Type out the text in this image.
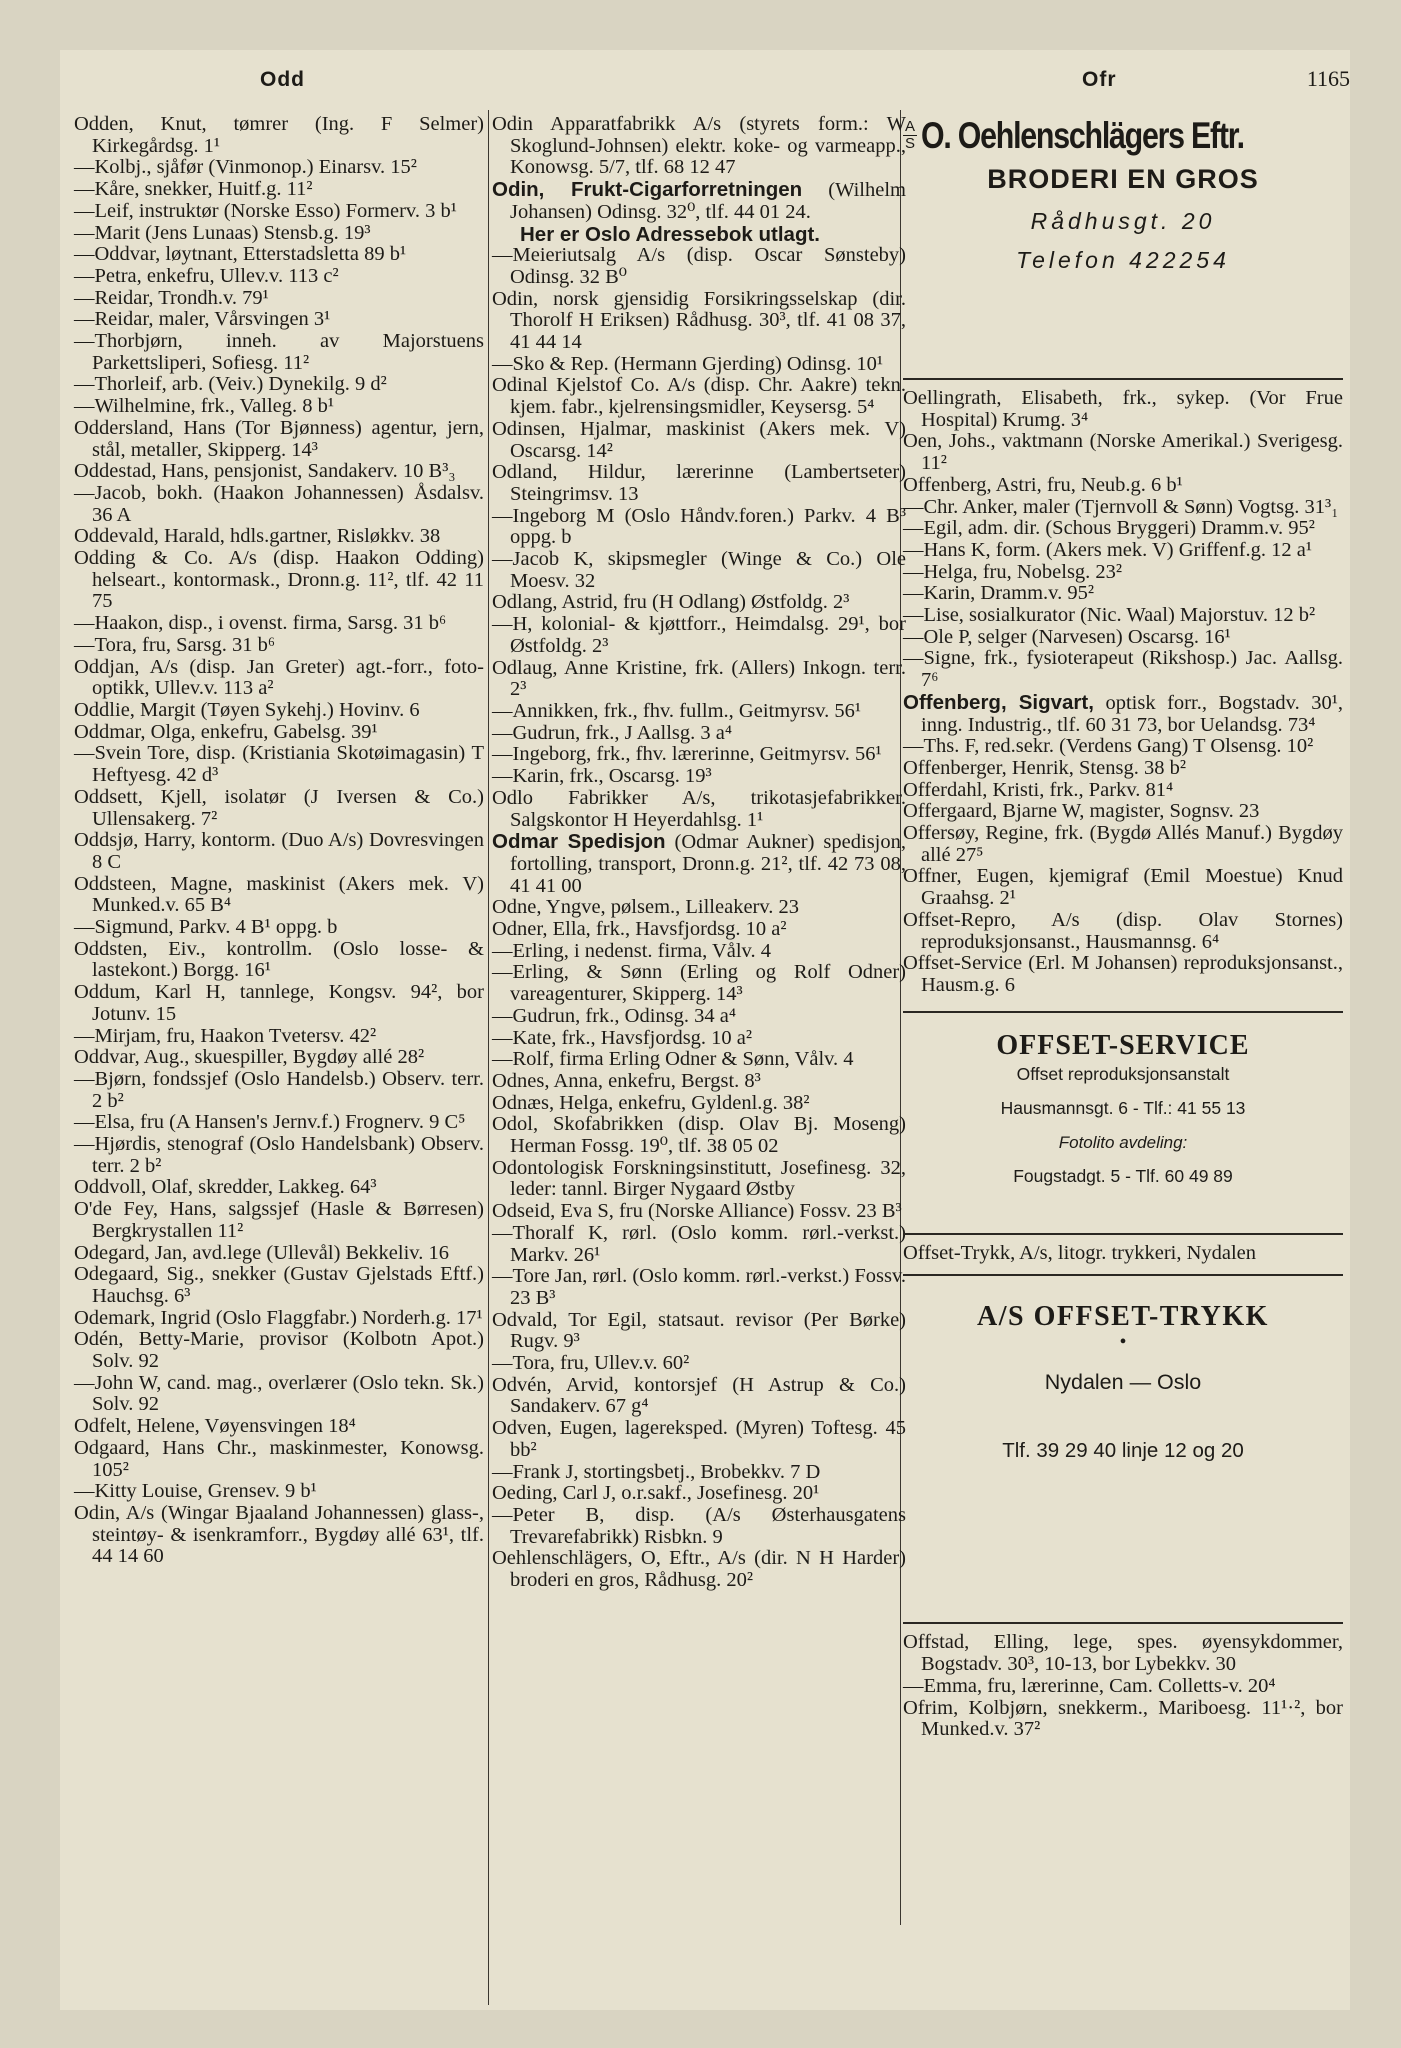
Odd	Ofr	1165
Odden, Knut, tømrer (Ing. F Selmer) Kirkegårdsg. 1¹
—Kolbj., sjåfør (Vinmonop.) Einarsv. 15²
—Kåre, snekker, Huitf.g. 11²
—Leif, instruktør (Norske Esso) Formerv. 3 b¹
—Marit (Jens Lunaas) Stensb.g. 19³
—Oddvar, løytnant, Etterstadsletta 89 b¹
—Petra, enkefru, Ullev.v. 113 c²
—Reidar, Trondh.v. 79¹
—Reidar, maler, Vårsvingen 3¹
—Thorbjørn, inneh. av Majorstuens Parkettsliperi, Sofiesg. 11²
—Thorleif, arb. (Veiv.) Dynekilg. 9 d²
—Wilhelmine, frk., Valleg. 8 b¹
Oddersland, Hans (Tor Bjønness) agentur, jern, stål, metaller, Skipperg. 14³
Oddestad, Hans, pensjonist, Sandakerv. 10 B³₃
—Jacob, bokh. (Haakon Johannessen) Åsdalsv. 36 A
Oddevald, Harald, hdls.gartner, Risløkkv. 38
Odding & Co. A/s (disp. Haakon Odding) helseart., kontormask., Dronn.g. 11², tlf. 42 11 75
—Haakon, disp., i ovenst. firma, Sarsg. 31 b⁶
—Tora, fru, Sarsg. 31 b⁶
Oddjan, A/s (disp. Jan Greter) agt.-forr., foto-optikk, Ullev.v. 113 a²
Oddlie, Margit (Tøyen Sykehj.) Hovinv. 6
Oddmar, Olga, enkefru, Gabelsg. 39¹
—Svein Tore, disp. (Kristiania Skotøimagasin) T Heftyesg. 42 d³
Oddsett, Kjell, isolatør (J Iversen & Co.) Ullensakerg. 7²
Oddsjø, Harry, kontorm. (Duo A/s) Dovresvingen 8 C
Oddsteen, Magne, maskinist (Akers mek. V) Munked.v. 65 B⁴
—Sigmund, Parkv. 4 B¹ oppg. b
Oddsten, Eiv., kontrollm. (Oslo losse- & lastekont.) Borgg. 16¹
Oddum, Karl H, tannlege, Kongsv. 94², bor Jotunv. 15
—Mirjam, fru, Haakon Tvetersv. 42²
Oddvar, Aug., skuespiller, Bygdøy allé 28²
—Bjørn, fondssjef (Oslo Handelsb.) Observ. terr. 2 b²
—Elsa, fru (A Hansen's Jernv.f.) Frognerv. 9 C⁵
—Hjørdis, stenograf (Oslo Handelsbank) Observ. terr. 2 b²
Oddvoll, Olaf, skredder, Lakkeg. 64³
O'de Fey, Hans, salgssjef (Hasle & Børresen) Bergkrystallen 11²
Odegard, Jan, avd.lege (Ullevål) Bekkeliv. 16
Odegaard, Sig., snekker (Gustav Gjelstads Eftf.) Hauchsg. 6³
Odemark, Ingrid (Oslo Flaggfabr.) Norderh.g. 17¹
Odén, Betty-Marie, provisor (Kolbotn Apot.) Solv. 92
—John W, cand. mag., overlærer (Oslo tekn. Sk.) Solv. 92
Odfelt, Helene, Vøyensvingen 18⁴
Odgaard, Hans Chr., maskinmester, Konowsg. 105²
—Kitty Louise, Grensev. 9 b¹
Odin, A/s (Wingar Bjaaland Johannessen) glass-, steintøy- & isenkramforr., Bygdøy allé 63¹, tlf. 44 14 60
Odin Apparatfabrikk A/s (styrets form.: W Skoglund-Johnsen) elektr. koke- og varmeapp., Konowsg. 5/7, tlf. 68 12 47
Odin, Frukt-Cigarforretningen (Wilhelm Johansen) Odinsg. 32⁰, tlf. 44 01 24.
Her er Oslo Adressebok utlagt.
—Meieriutsalg A/s (disp. Oscar Sønsteby) Odinsg. 32 B⁰
Odin, norsk gjensidig Forsikringsselskap (dir. Thorolf H Eriksen) Rådhusg. 30³, tlf. 41 08 37, 41 44 14
—Sko & Rep. (Hermann Gjerding) Odinsg. 10¹
Odinal Kjelstof Co. A/s (disp. Chr. Aakre) tekn. kjem. fabr., kjelrensingsmidler, Keysersg. 5⁴
Odinsen, Hjalmar, maskinist (Akers mek. V) Oscarsg. 14²
Odland, Hildur, lærerinne (Lambertseter) Steingrimsv. 13
—Ingeborg M (Oslo Håndv.foren.) Parkv. 4 B³ oppg. b
—Jacob K, skipsmegler (Winge & Co.) Ole Moesv. 32
Odlang, Astrid, fru (H Odlang) Østfoldg. 2³
—H, kolonial- & kjøttforr., Heimdalsg. 29¹, bor Østfoldg. 2³
Odlaug, Anne Kristine, frk. (Allers) Inkogn. terr. 2³
—Annikken, frk., fhv. fullm., Geitmyrsv. 56¹
—Gudrun, frk., J Aallsg. 3 a⁴
—Ingeborg, frk., fhv. lærerinne, Geitmyrsv. 56¹
—Karin, frk., Oscarsg. 19³
Odlo Fabrikker A/s, trikotasjefabrikker. Salgskontor H Heyerdahlsg. 1¹
Odmar Spedisjon (Odmar Aukner) spedisjon, fortolling, transport, Dronn.g. 21², tlf. 42 73 08, 41 41 00
Odne, Yngve, pølsem., Lilleakerv. 23
Odner, Ella, frk., Havsfjordsg. 10 a²
—Erling, i nedenst. firma, Vålv. 4
—Erling, & Sønn (Erling og Rolf Odner) vareagenturer, Skipperg. 14³
—Gudrun, frk., Odinsg. 34 a⁴
—Kate, frk., Havsfjordsg. 10 a²
—Rolf, firma Erling Odner & Sønn, Vålv. 4
Odnes, Anna, enkefru, Bergst. 8³
Odnæs, Helga, enkefru, Gyldenl.g. 38²
Odol, Skofabrikken (disp. Olav Bj. Moseng) Herman Fossg. 19⁰, tlf. 38 05 02
Odontologisk Forskningsinstitutt, Josefinesg. 32, leder: tannl. Birger Nygaard Østby
Odseid, Eva S, fru (Norske Alliance) Fossv. 23 B³
—Thoralf K, rørl. (Oslo komm. rørl.-verkst.) Markv. 26¹
—Tore Jan, rørl. (Oslo komm. rørl.-verkst.) Fossv. 23 B³
Odvald, Tor Egil, statsaut. revisor (Per Børke) Rugv. 9³
—Tora, fru, Ullev.v. 60²
Odvén, Arvid, kontorsjef (H Astrup & Co.) Sandakerv. 67 g⁴
Odven, Eugen, lagereksped. (Myren) Toftesg. 45 bb²
—Frank J, stortingsbetj., Brobekkv. 7 D
Oeding, Carl J, o.r.sakf., Josefinesg. 20¹
—Peter B, disp. (A/s Østerhausgatens Trevarefabrikk) Risbkn. 9
Oehlenschlägers, O, Eftr., A/s (dir. N H Harder) broderi en gros, Rådhusg. 20²
A
S O. Oehlenschlägers Eftr.
BRODERI EN GROS
Rådhusgt. 20
Telefon 422254
Oellingrath, Elisabeth, frk., sykep. (Vor Frue Hospital) Krumg. 3⁴
Oen, Johs., vaktmann (Norske Amerikal.) Sverigesg. 11²
Offenberg, Astri, fru, Neub.g. 6 b¹
—Chr. Anker, maler (Tjernvoll & Sønn) Vogtsg. 31³₁
—Egil, adm. dir. (Schous Bryggeri) Dramm.v. 95²
—Hans K, form. (Akers mek. V) Griffenf.g. 12 a¹
—Helga, fru, Nobelsg. 23²
—Karin, Dramm.v. 95²
—Lise, sosialkurator (Nic. Waal) Majorstuv. 12 b²
—Ole P, selger (Narvesen) Oscarsg. 16¹
—Signe, frk., fysioterapeut (Rikshosp.) Jac. Aallsg. 7⁶
Offenberg, Sigvart, optisk forr., Bogstadv. 30¹, inng. Industrig., tlf. 60 31 73, bor Uelandsg. 73⁴
—Ths. F, red.sekr. (Verdens Gang) T Olsensg. 10²
Offenberger, Henrik, Stensg. 38 b²
Offerdahl, Kristi, frk., Parkv. 81⁴
Offergaard, Bjarne W, magister, Sognsv. 23
Offersøy, Regine, frk. (Bygdø Allés Manuf.) Bygdøy allé 27⁵
Offner, Eugen, kjemigraf (Emil Moestue) Knud Graahsg. 2¹
Offset-Repro, A/s (disp. Olav Stornes) reproduksjonsanst., Hausmannsg. 6⁴
Offset-Service (Erl. M Johansen) reproduksjonsanst., Hausm.g. 6
OFFSET-SERVICE
Offset reproduksjonsanstalt
Hausmannsgt. 6 - Tlf.: 41 55 13
Fotolito avdeling:
Fougstadgt. 5 - Tlf. 60 49 89
Offset-Trykk, A/s, litogr. trykkeri, Nydalen
A/S OFFSET-TRYKK
•
Nydalen — Oslo
Tlf. 39 29 40 linje 12 og 20
Offstad, Elling, lege, spes. øyensykdommer, Bogstadv. 30³, 10-13, bor Lybekkv. 30
—Emma, fru, lærerinne, Cam. Colletts-v. 20⁴
Ofrim, Kolbjørn, snekkerm., Mariboesg. 11¹·², bor Munked.v. 37²
